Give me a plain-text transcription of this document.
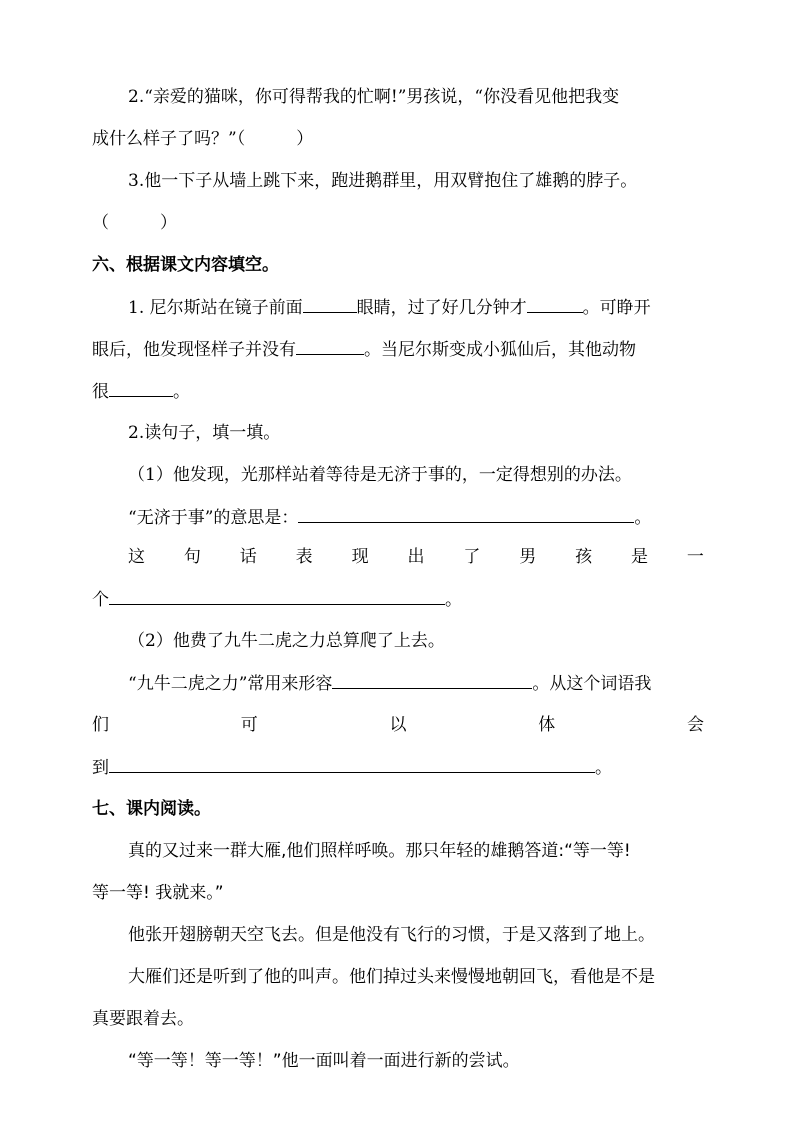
2.“亲爱的猫咪，你可得帮我的忙啊!”男孩说，“你没看见他把我变
成什么样子了吗？”（　　　）
3.他一下子从墙上跳下来，跑进鹅群里，用双臂抱住了雄鹅的脖子。
（　　　）
六、根据课文内容填空。
1. 尼尔斯站在镜子前面	眼睛，过了好几分钟才	。可睁开
眼后，他发现怪样子并没有	。当尼尔斯变成小狐仙后，其他动物
很	。
2.读句子，填一填。
（1）他发现，光那样站着等待是无济于事的，一定得想别的办法。
“无济于事”的意思是：	。
这 句 话 表 现 出 了 男 孩 是 一
个	。
（2）他费了九牛二虎之力总算爬了上去。
“九牛二虎之力”常用来形容	。从这个词语我
们	可	以	体	会
到	。
七、课内阅读。
真的又过来一群大雁,他们照样呼唤。那只年轻的雄鹅答道:“等一等!
等一等! 我就来。”
他张开翅膀朝天空飞去。但是他没有飞行的习惯，于是又落到了地上。
大雁们还是听到了他的叫声。他们掉过头来慢慢地朝回飞，看他是不是
真要跟着去。
“等一等！等一等！”他一面叫着一面进行新的尝试。
